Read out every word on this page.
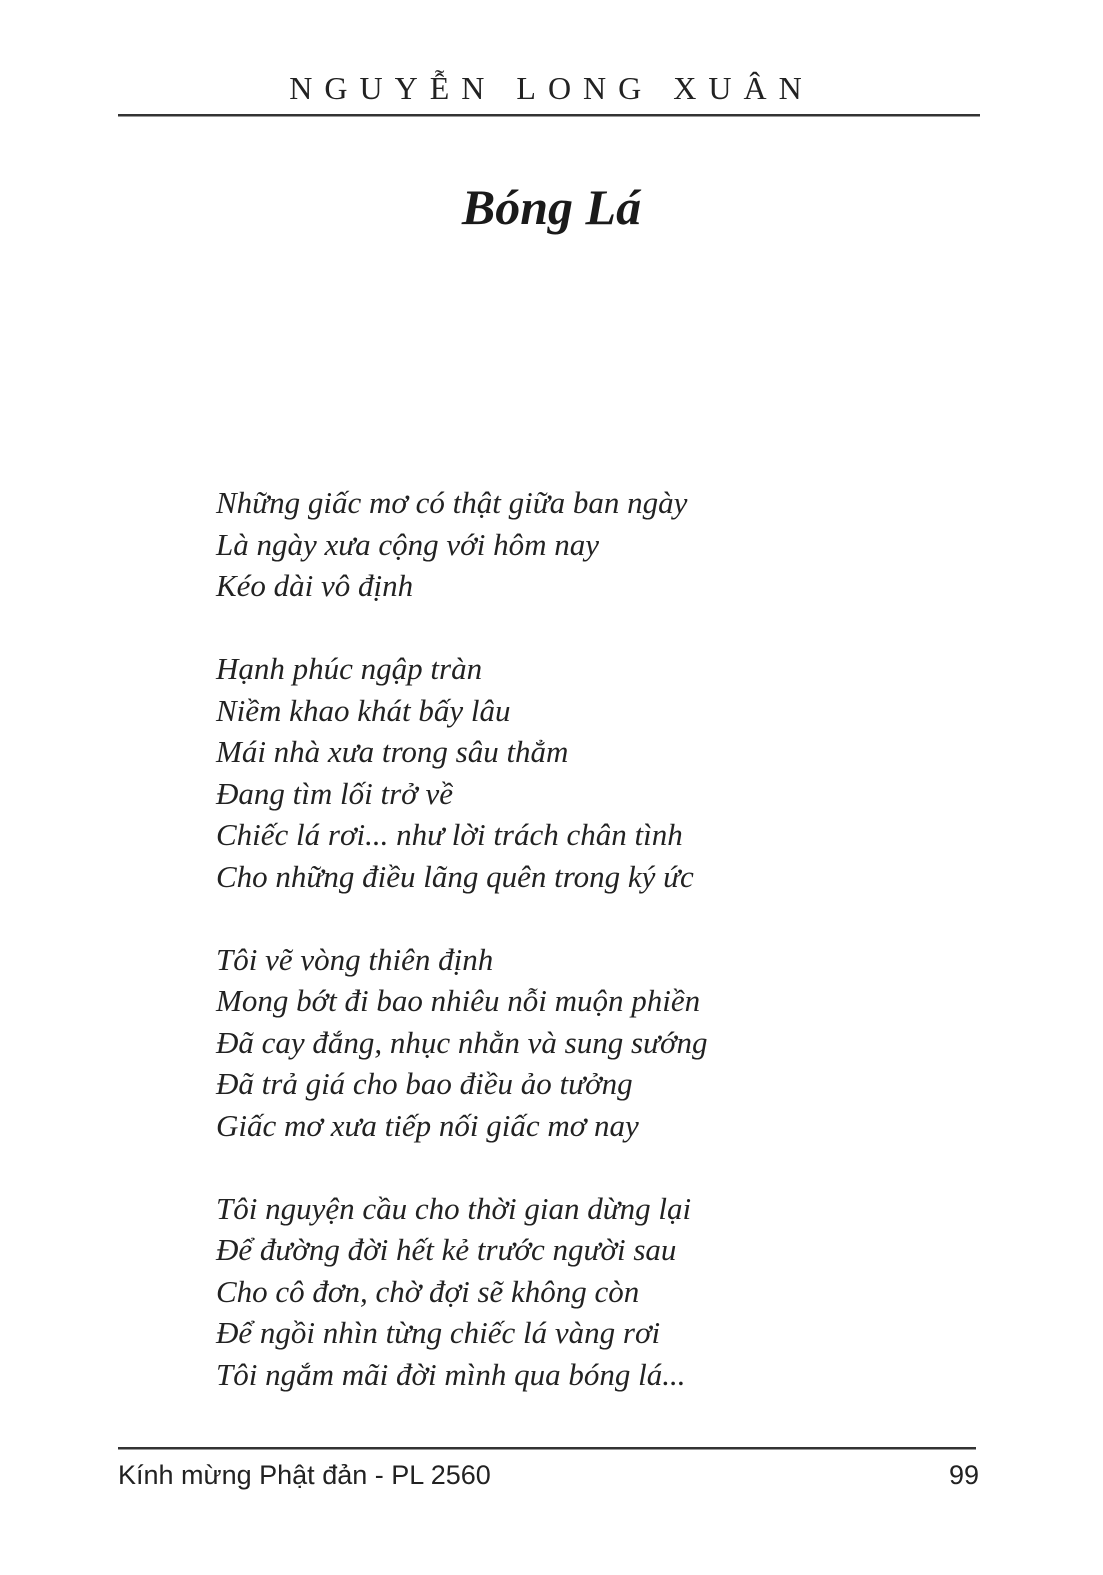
NGUYỄN LONG XUÂN
Bóng Lá
Những giấc mơ có thật giữa ban ngày
Là ngày xưa cộng với hôm nay
Kéo dài vô định
Hạnh phúc ngập tràn
Niềm khao khát bấy lâu
Mái nhà xưa trong sâu thẳm
Đang tìm lối trở về
Chiếc lá rơi... như lời trách chân tình
Cho những điều lãng quên trong ký ức
Tôi vẽ vòng thiên định
Mong bớt đi bao nhiêu nỗi muộn phiền
Đã cay đắng, nhục nhằn và sung sướng
Đã trả giá cho bao điều ảo tưởng
Giấc mơ xưa tiếp nối giấc mơ nay
Tôi nguyện cầu cho thời gian dừng lại
Để đường đời hết kẻ trước người sau
Cho cô đơn, chờ đợi sẽ không còn
Để ngồi nhìn từng chiếc lá vàng rơi
Tôi ngắm mãi đời mình qua bóng lá...
Kính mừng Phật đản - PL 2560	99
